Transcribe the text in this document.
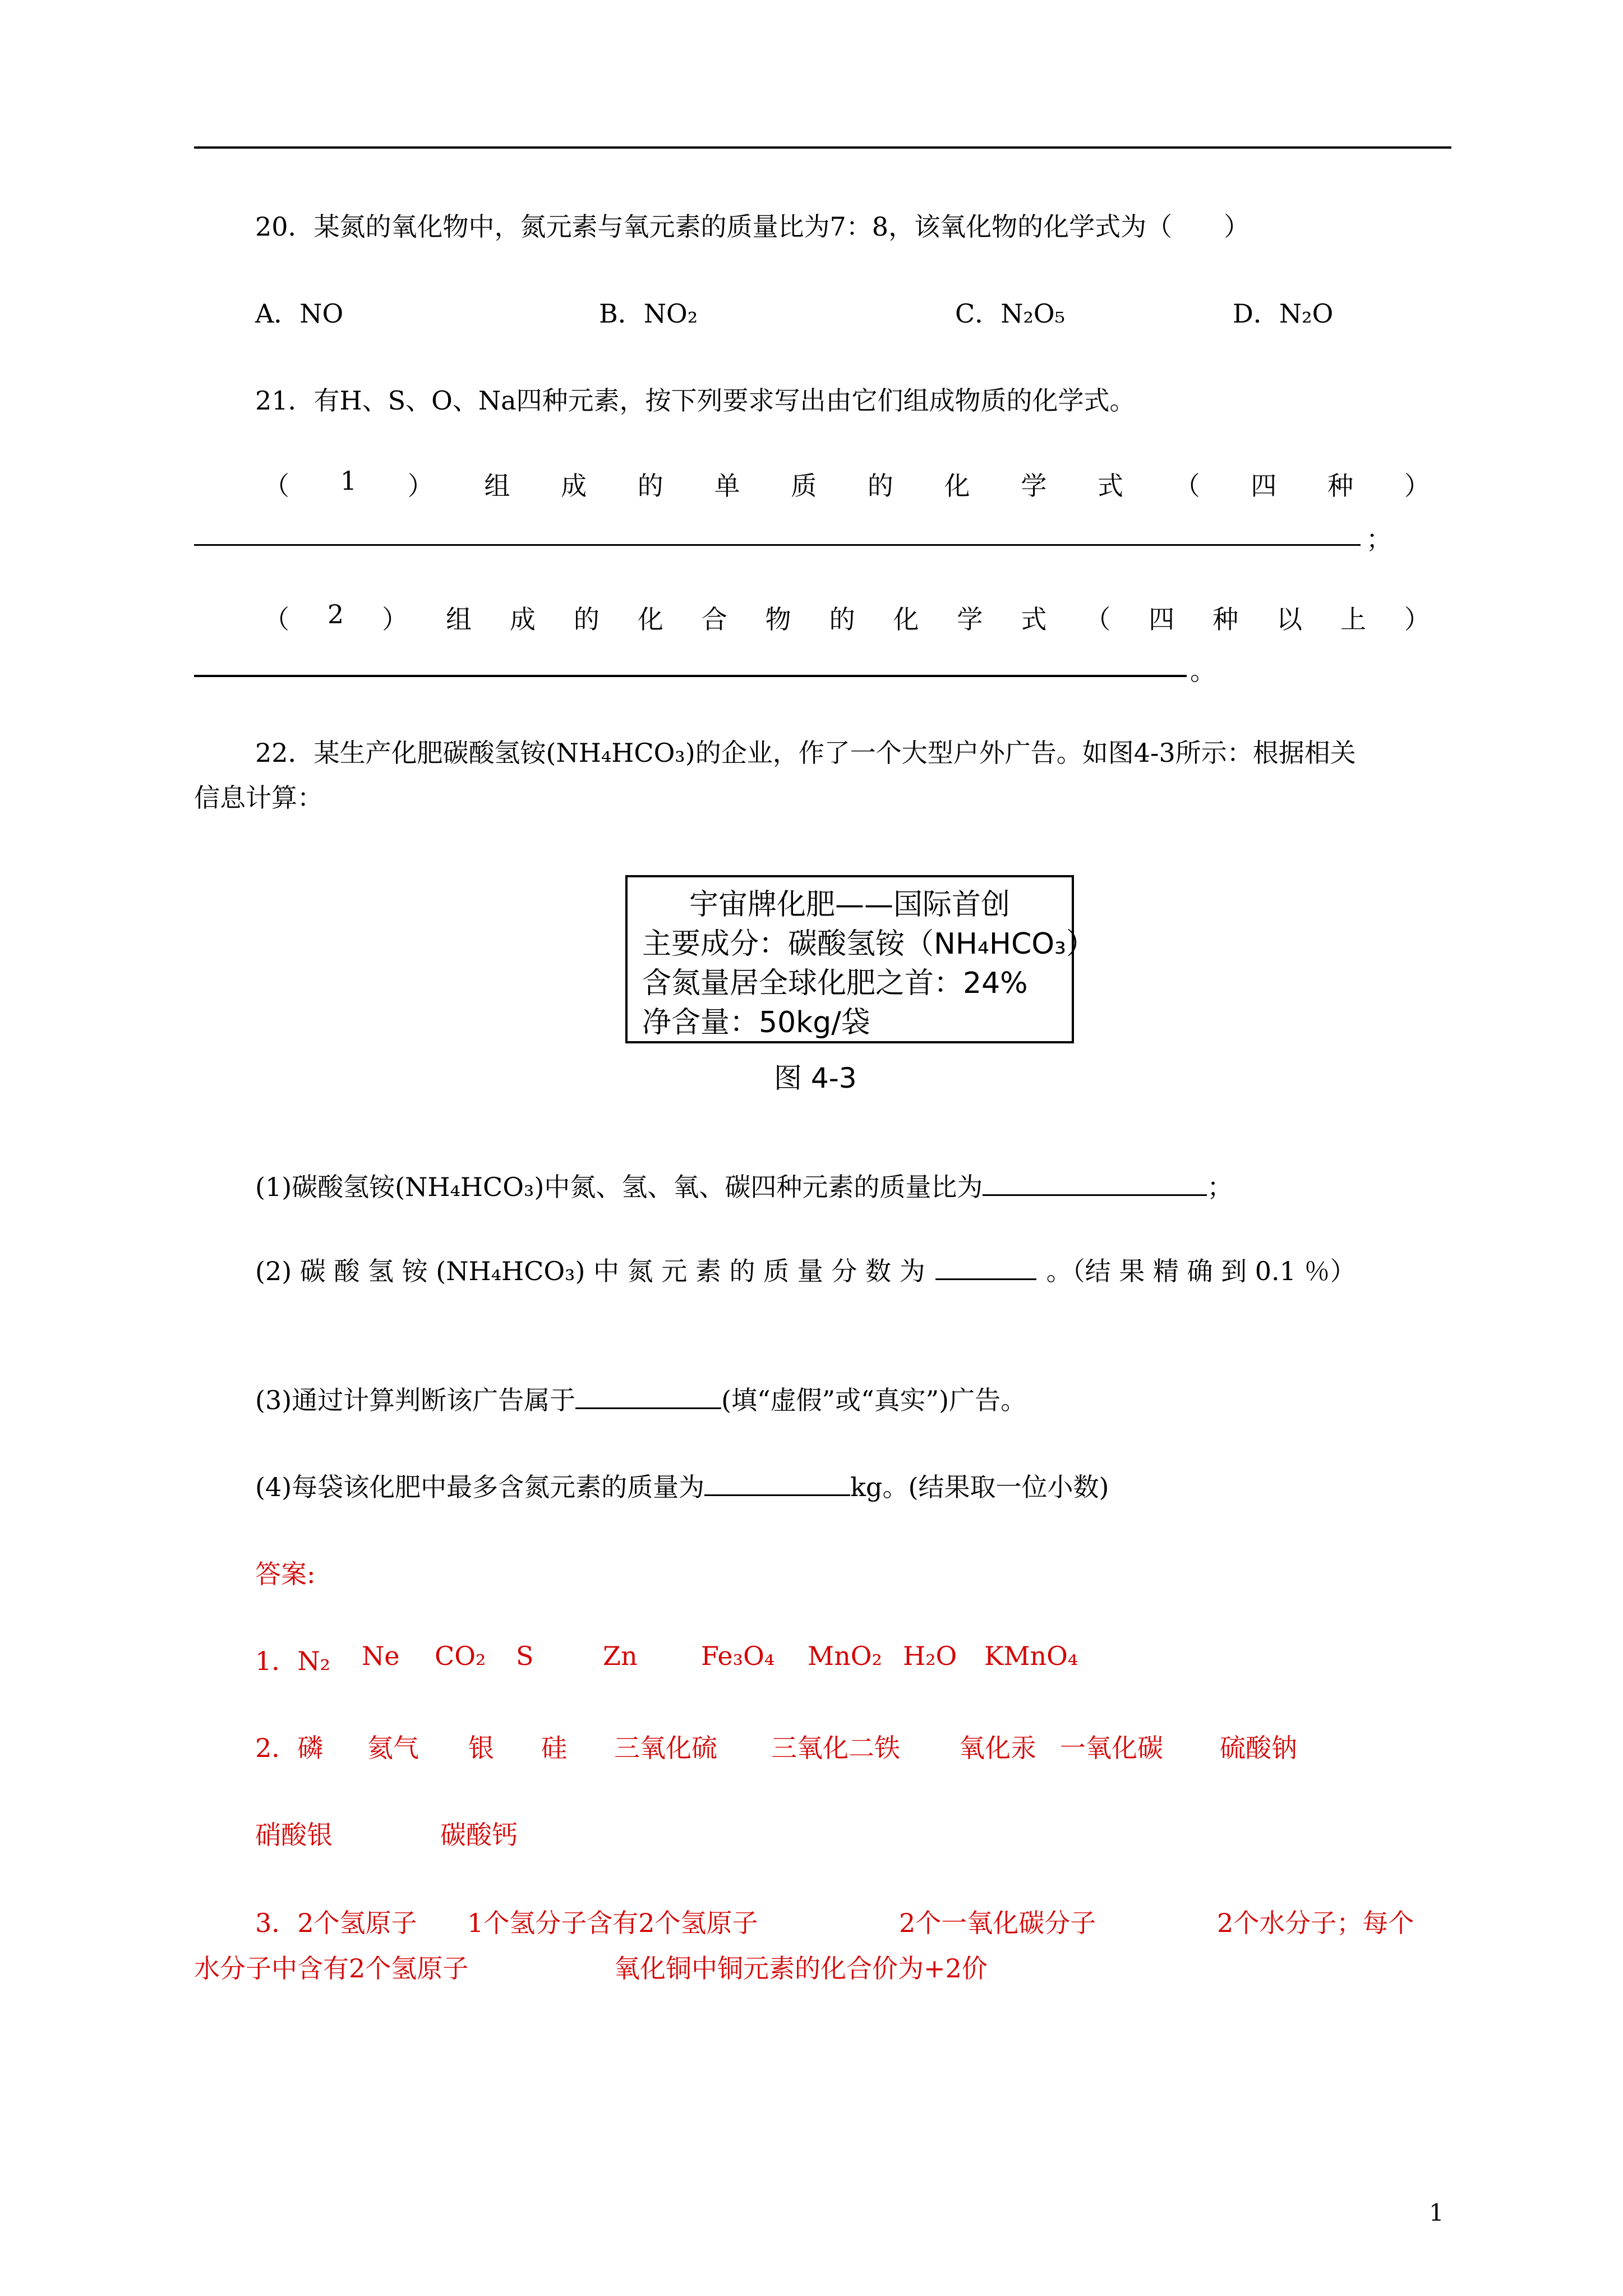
20．某氮的氧化物中，氮元素与氧元素的质量比为7：8，该氧化物的化学式为（　　）
A．NO	B．NO₂	C．N₂O₅	D．N₂O
21．有H、S、O、Na四种元素，按下列要求写出由它们组成物质的化学式。
（ 1 ） 组 成 的 单 质 的 化 学 式 （ 四 种 ）
；
（ 2 ） 组 成 的 化 合 物 的 化 学 式 （ 四 种 以 上 ）
。
22．某生产化肥碳酸氢铵(NH₄HCO₃)的企业，作了一个大型户外广告。如图4-3所示：根据相关
信息计算：
宇宙牌化肥——国际首创
主要成分：碳酸氢铵（NH₄HCO₃）
含氮量居全球化肥之首：24%
净含量：50kg/袋
图 4-3
(1)碳酸氢铵(NH₄HCO₃)中氮、氢、氧、碳四种元素的质量比为	；
(2) 碳 酸 氢 铵 (NH₄HCO₃) 中 氮 元 素 的 质 量 分 数 为	。（结 果 精 确 到 0.1 ％）
(3)通过计算判断该广告属于	(填“虚假”或“真实”)广告。
(4)每袋该化肥中最多含氮元素的质量为	kg。(结果取一位小数)
答案:
1．N₂ Ne CO₂ S	Zn Fe₃O₄ MnO₂ H₂O KMnO₄
2．磷 氦气 银 硅 三氧化硫 三氧化二铁 氧化汞 一氧化碳 硫酸钠
硝酸银	碳酸钙
3．2个氢原子 1个氢分子含有2个氢原子	2个一氧化碳分子	2个水分子；每个
水分子中含有2个氢原子	氧化铜中铜元素的化合价为+2价
1
